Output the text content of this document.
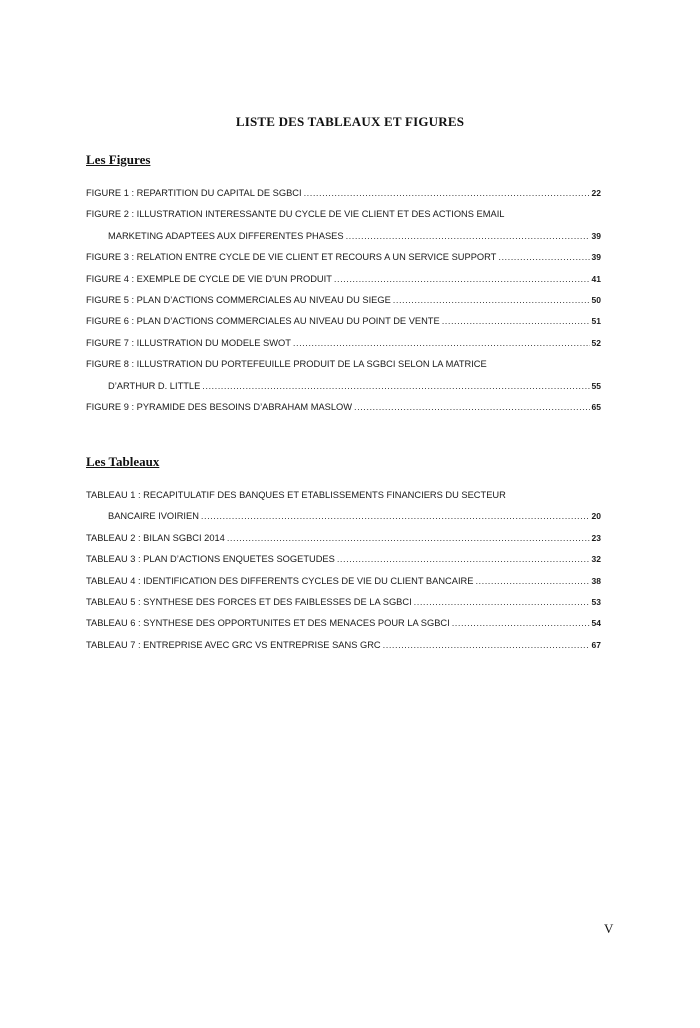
LISTE DES TABLEAUX ET FIGURES
Les Figures
FIGURE 1 : REPARTITION DU CAPITAL DE SGBCI .....	22
FIGURE 2 : ILLUSTRATION INTERESSANTE DU CYCLE DE VIE CLIENT ET DES ACTIONS EMAIL
MARKETING ADAPTEES AUX DIFFERENTES PHASES .....	39
FIGURE 3 : RELATION ENTRE CYCLE DE VIE CLIENT ET RECOURS A UN SERVICE SUPPORT .....	39
FIGURE 4 : EXEMPLE DE CYCLE DE VIE D’UN PRODUIT .....	41
FIGURE 5 : PLAN D’ACTIONS COMMERCIALES AU NIVEAU DU SIEGE .....	50
FIGURE 6 : PLAN D’ACTIONS COMMERCIALES AU NIVEAU DU POINT DE VENTE .....	51
FIGURE 7 : ILLUSTRATION DU MODELE SWOT .....	52
FIGURE 8 : ILLUSTRATION DU PORTEFEUILLE PRODUIT DE LA SGBCI SELON LA MATRICE
D’ARTHUR D. LITTLE .....	55
FIGURE 9 : PYRAMIDE DES BESOINS D’ABRAHAM MASLOW .....	65
Les Tableaux
TABLEAU 1 : RECAPITULATIF DES BANQUES ET ETABLISSEMENTS FINANCIERS DU SECTEUR
BANCAIRE IVOIRIEN .....	20
TABLEAU 2 : BILAN SGBCI 2014 .....	23
TABLEAU 3 : PLAN D’ACTIONS ENQUETES SOGETUDES .....	32
TABLEAU 4 : IDENTIFICATION DES DIFFERENTS CYCLES DE VIE DU CLIENT BANCAIRE .....	38
TABLEAU 5 : SYNTHESE DES FORCES ET DES FAIBLESSES DE LA SGBCI .....	53
TABLEAU 6 : SYNTHESE DES OPPORTUNITES ET DES MENACES POUR LA SGBCI .....	54
TABLEAU 7 : ENTREPRISE AVEC GRC VS ENTREPRISE SANS GRC .....	67
V
